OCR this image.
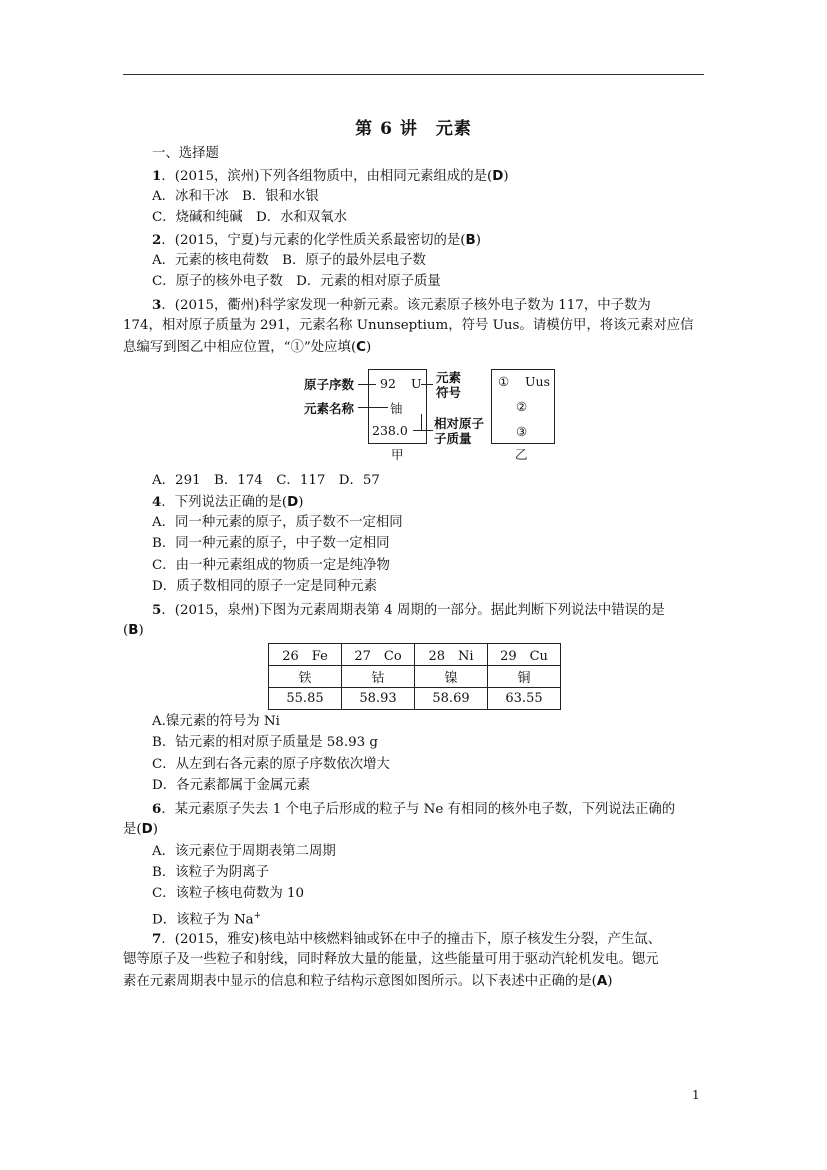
第 6 讲　元素
一、选择题
1．(2015，滨州)下列各组物质中，由相同元素组成的是(D)
A．冰和干冰　B．银和水银
C．烧碱和纯碱　D．水和双氧水
2．(2015，宁夏)与元素的化学性质关系最密切的是(B)
A．元素的核电荷数　B．原子的最外层电子数
C．原子的核外电子数　D．元素的相对原子质量
3．(2015，衢州)科学家发现一种新元素。该元素原子核外电子数为 117，中子数为
174，相对原子质量为 291，元素名称 Ununseptium，符号 Uus。请模仿甲，将该元素对应信
息编写到图乙中相应位置，“①”处应填(C)
原子序数
元素名称
92 U
铀
238.0
元素
符号
相对原子
子质量
甲
① Uus
②
③
乙
A．291　B．174　C．117　D．57
4．下列说法正确的是(D)
A．同一种元素的原子，质子数不一定相同
B．同一种元素的原子，中子数一定相同
C．由一种元素组成的物质一定是纯净物
D．质子数相同的原子一定是同种元素
5．(2015，泉州)下图为元素周期表第 4 周期的一部分。据此判断下列说法中错误的是
(B)
26　Fe	27　Co	28　Ni	29　Cu
铁	钴	镍	铜
55.85	58.93	58.69	63.55
A.镍元素的符号为 Ni
B．钴元素的相对原子质量是 58.93 g
C．从左到右各元素的原子序数依次增大
D．各元素都属于金属元素
6．某元素原子失去 1 个电子后形成的粒子与 Ne 有相同的核外电子数，下列说法正确的
是(D)
A．该元素位于周期表第二周期
B．该粒子为阴离子
C．该粒子核电荷数为 10
D．该粒子为 Na+
7．(2015，雅安)核电站中核燃料铀或钚在中子的撞击下，原子核发生分裂，产生氙、
锶等原子及一些粒子和射线，同时释放大量的能量，这些能量可用于驱动汽轮机发电。锶元
素在元素周期表中显示的信息和粒子结构示意图如图所示。以下表述中正确的是(A)
1
